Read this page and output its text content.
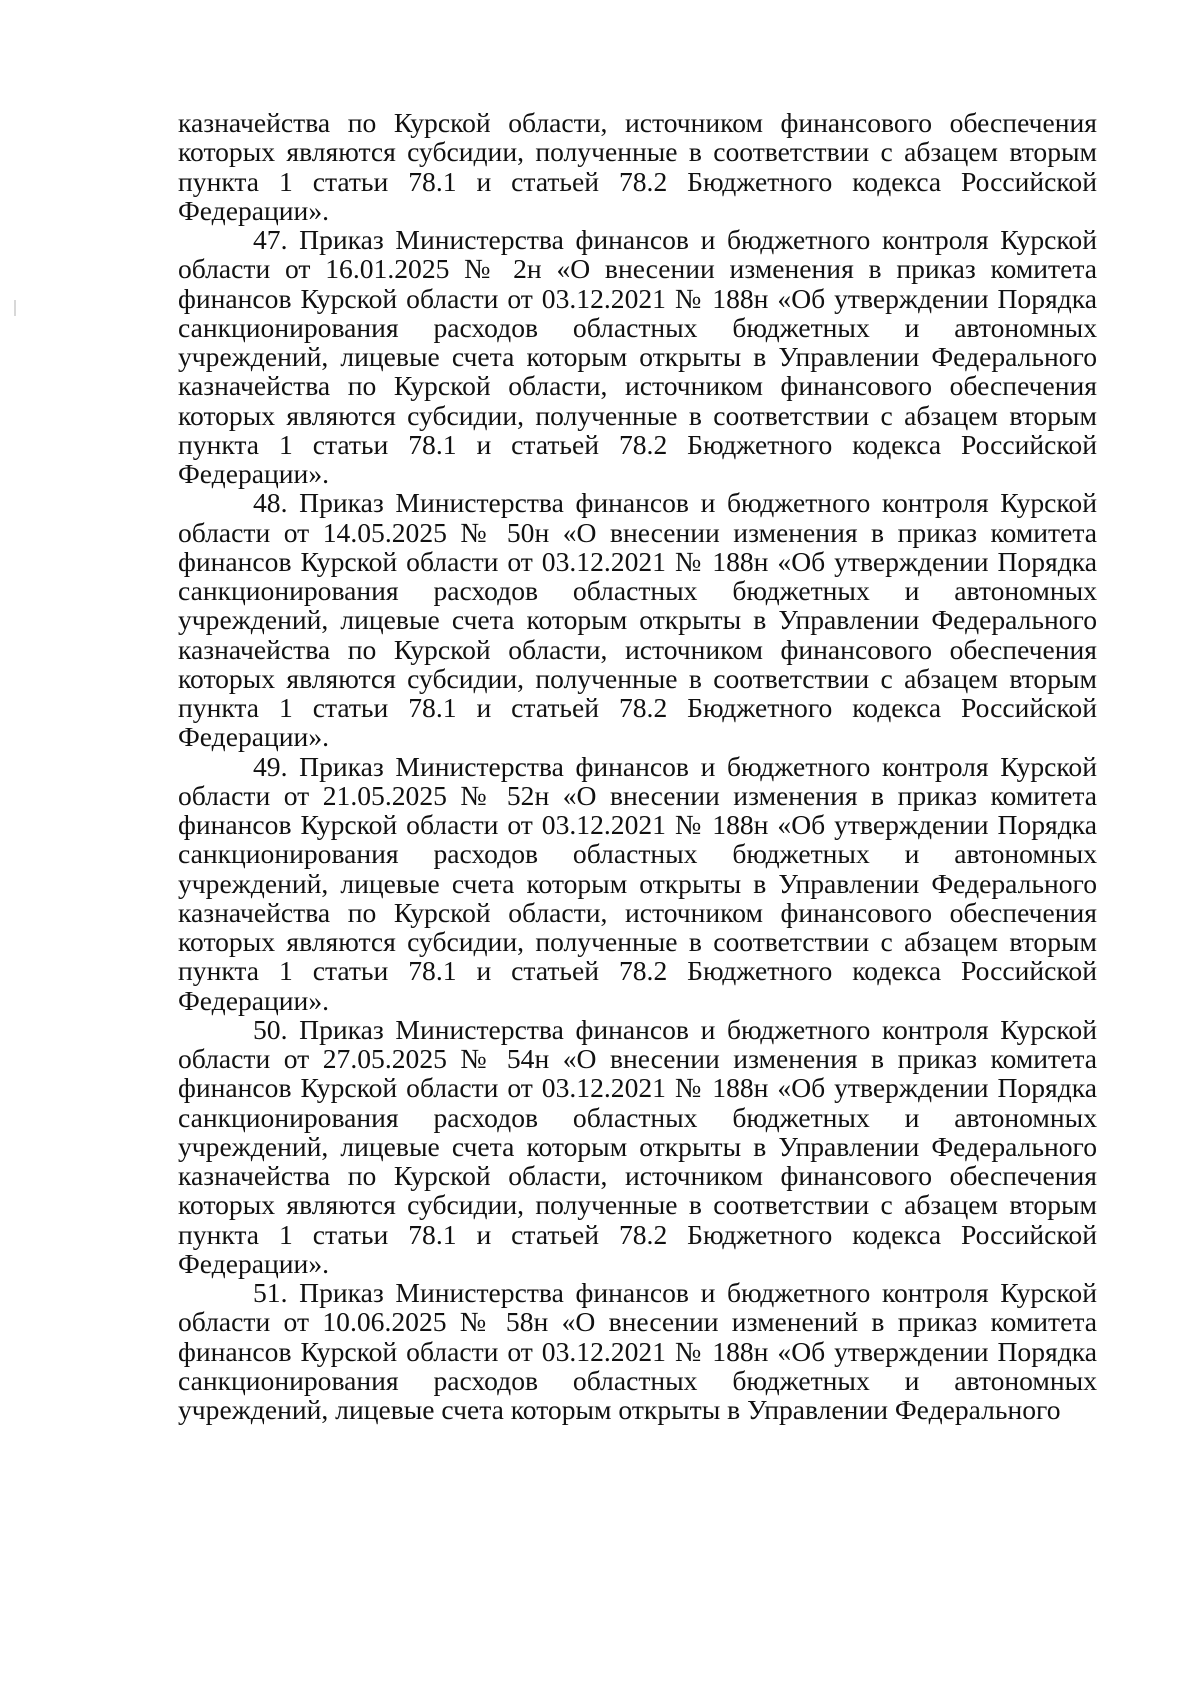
казначейства по Курской области, источником финансового обеспечения которых являются субсидии, полученные в соответствии с абзацем вторым пункта 1 статьи 78.1 и статьей 78.2 Бюджетного кодекса Российской Федерации».

47. Приказ Министерства финансов и бюджетного контроля Курской области от 16.01.2025 № 2н «О внесении изменения в приказ комитета финансов Курской области от 03.12.2021 № 188н «Об утверждении Порядка санкционирования расходов областных бюджетных и автономных учреждений, лицевые счета которым открыты в Управлении Федерального казначейства по Курской области, источником финансового обеспечения которых являются субсидии, полученные в соответствии с абзацем вторым пункта 1 статьи 78.1 и статьей 78.2 Бюджетного кодекса Российской Федерации».

48. Приказ Министерства финансов и бюджетного контроля Курской области от 14.05.2025 № 50н «О внесении изменения в приказ комитета финансов Курской области от 03.12.2021 № 188н «Об утверждении Порядка санкционирования расходов областных бюджетных и автономных учреждений, лицевые счета которым открыты в Управлении Федерального казначейства по Курской области, источником финансового обеспечения которых являются субсидии, полученные в соответствии с абзацем вторым пункта 1 статьи 78.1 и статьей 78.2 Бюджетного кодекса Российской Федерации».

49. Приказ Министерства финансов и бюджетного контроля Курской области от 21.05.2025 № 52н «О внесении изменения в приказ комитета финансов Курской области от 03.12.2021 № 188н «Об утверждении Порядка санкционирования расходов областных бюджетных и автономных учреждений, лицевые счета которым открыты в Управлении Федерального казначейства по Курской области, источником финансового обеспечения которых являются субсидии, полученные в соответствии с абзацем вторым пункта 1 статьи 78.1 и статьей 78.2 Бюджетного кодекса Российской Федерации».

50. Приказ Министерства финансов и бюджетного контроля Курской области от 27.05.2025 № 54н «О внесении изменения в приказ комитета финансов Курской области от 03.12.2021 № 188н «Об утверждении Порядка санкционирования расходов областных бюджетных и автономных учреждений, лицевые счета которым открыты в Управлении Федерального казначейства по Курской области, источником финансового обеспечения которых являются субсидии, полученные в соответствии с абзацем вторым пункта 1 статьи 78.1 и статьей 78.2 Бюджетного кодекса Российской Федерации».

51. Приказ Министерства финансов и бюджетного контроля Курской области от 10.06.2025 № 58н «О внесении изменений в приказ комитета финансов Курской области от 03.12.2021 № 188н «Об утверждении Порядка санкционирования расходов областных бюджетных и автономных учреждений, лицевые счета которым открыты в Управлении Федерального
